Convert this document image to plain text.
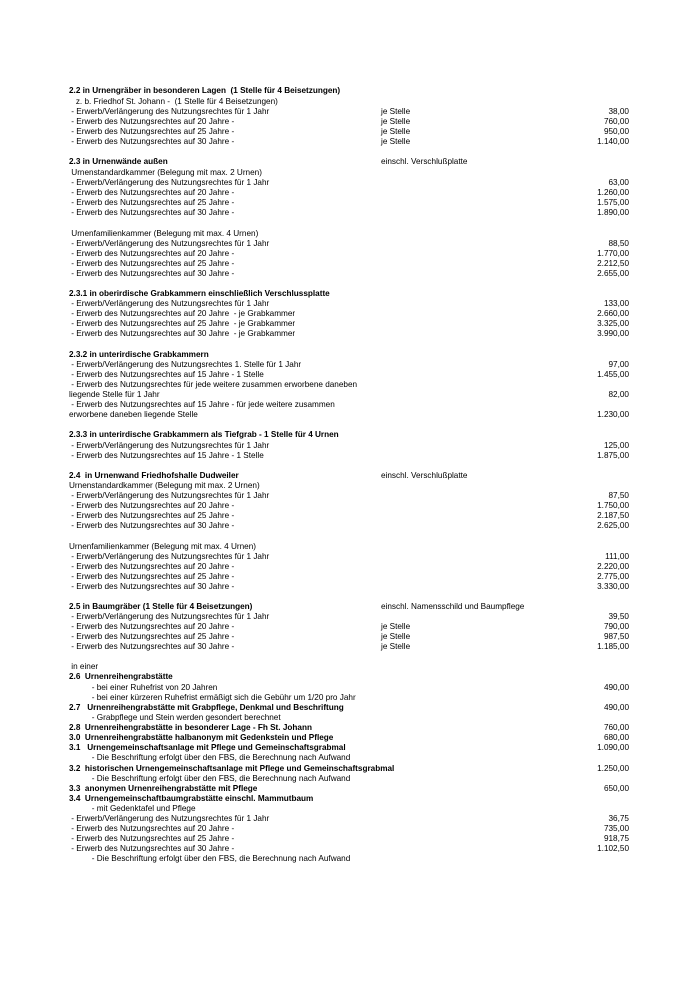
2.2 in Urnengräber in besonderen Lagen  (1 Stelle für 4 Beisetzungen)
z. b. Friedhof St. Johann -  (1 Stelle für 4 Beisetzungen)
- Erwerb/Verlängerung des Nutzungsrechtes für 1 Jahr	je Stelle	38,00
- Erwerb des Nutzungsrechtes auf 20 Jahre -	je Stelle	760,00
- Erwerb des Nutzungsrechtes auf 25 Jahre -	je Stelle	950,00
- Erwerb des Nutzungsrechtes auf 30 Jahre -	je Stelle	1.140,00
2.3 in Urnenwände außen	einschl. Verschlußplatte
Urnenstandardkammer (Belegung mit max. 2 Urnen)
- Erwerb/Verlängerung des Nutzungsrechtes für 1 Jahr	63,00
- Erwerb des Nutzungsrechtes auf 20 Jahre -	1.260,00
- Erwerb des Nutzungsrechtes auf 25 Jahre -	1.575,00
- Erwerb des Nutzungsrechtes auf 30 Jahre -	1.890,00
Urnenfamilienkammer (Belegung mit max. 4 Urnen)
- Erwerb/Verlängerung des Nutzungsrechtes für 1 Jahr	88,50
- Erwerb des Nutzungsrechtes auf 20 Jahre -	1.770,00
- Erwerb des Nutzungsrechtes auf 25 Jahre -	2.212,50
- Erwerb des Nutzungsrechtes auf 30 Jahre -	2.655,00
2.3.1 in oberirdische Grabkammern einschließlich Verschlussplatte
- Erwerb/Verlängerung des Nutzungsrechtes für 1 Jahr	133,00
- Erwerb des Nutzungsrechtes auf 20 Jahre  - je Grabkammer	2.660,00
- Erwerb des Nutzungsrechtes auf 25 Jahre  - je Grabkammer	3.325,00
- Erwerb des Nutzungsrechtes auf 30 Jahre  - je Grabkammer	3.990,00
2.3.2 in unterirdische Grabkammern
- Erwerb/Verlängerung des Nutzungsrechtes 1. Stelle für 1 Jahr	97,00
- Erwerb des Nutzungsrechtes auf 15 Jahre - 1 Stelle	1.455,00
- Erwerb des Nutzungsrechtes für jede weitere zusammen erworbene daneben
liegende Stelle für 1 Jahr	82,00
- Erwerb des Nutzungsrechtes auf 15 Jahre - für jede weitere zusammen
erworbene daneben liegende Stelle	1.230,00
2.3.3 in unterirdische Grabkammern als Tiefgrab - 1 Stelle für 4 Urnen
- Erwerb/Verlängerung des Nutzungsrechtes für 1 Jahr	125,00
- Erwerb des Nutzungsrechtes auf 15 Jahre - 1 Stelle	1.875,00
2.4  in Urnenwand Friedhofshalle Dudweiler	einschl. Verschlußplatte
Urnenstandardkammer (Belegung mit max. 2 Urnen)
- Erwerb/Verlängerung des Nutzungsrechtes für 1 Jahr	87,50
- Erwerb des Nutzungsrechtes auf 20 Jahre -	1.750,00
- Erwerb des Nutzungsrechtes auf 25 Jahre -	2.187,50
- Erwerb des Nutzungsrechtes auf 30 Jahre -	2.625,00
Urnenfamilienkammer (Belegung mit max. 4 Urnen)
- Erwerb/Verlängerung des Nutzungsrechtes für 1 Jahr	111,00
- Erwerb des Nutzungsrechtes auf 20 Jahre -	2.220,00
- Erwerb des Nutzungsrechtes auf 25 Jahre -	2.775,00
- Erwerb des Nutzungsrechtes auf 30 Jahre -	3.330,00
2.5 in Baumgräber (1 Stelle für 4 Beisetzungen)	einschl. Namensschild und Baumpflege
- Erwerb/Verlängerung des Nutzungsrechtes für 1 Jahr	39,50
- Erwerb des Nutzungsrechtes auf 20 Jahre -	je Stelle	790,00
- Erwerb des Nutzungsrechtes auf 25 Jahre -	je Stelle	987,50
- Erwerb des Nutzungsrechtes auf 30 Jahre -	je Stelle	1.185,00
in einer
2.6  Urnenreihengrabstätte
- bei einer Ruhefrist von 20 Jahren	490,00
- bei einer kürzeren Ruhefrist ermäßigt sich die Gebühr um 1/20 pro Jahr
2.7   Urnenreihengrabstätte mit Grabpflege, Denkmal und Beschriftung	490,00
- Grabpflege und Stein werden gesondert berechnet
2.8  Urnenreihengrabstätte in besonderer Lage - Fh St. Johann	760,00
3.0  Urnenreihengrabstätte halbanonym mit Gedenkstein und Pflege	680,00
3.1   Urnengemeinschaftsanlage mit Pflege und Gemeinschaftsgrabmal	1.090,00
- Die Beschriftung erfolgt über den FBS, die Berechnung nach Aufwand
3.2  historischen Urnengemeinschaftsanlage mit Pflege und Gemeinschaftsgrabmal	1.250,00
- Die Beschriftung erfolgt über den FBS, die Berechnung nach Aufwand
3.3  anonymen Urnenreihengrabstätte mit Pflege	650,00
3.4  Urnengemeinschaftbaumgrabstätte einschl. Mammutbaum
- mit Gedenktafel und Pflege
- Erwerb/Verlängerung des Nutzungsrechtes für 1 Jahr	36,75
- Erwerb des Nutzungsrechtes auf 20 Jahre -	735,00
- Erwerb des Nutzungsrechtes auf 25 Jahre -	918,75
- Erwerb des Nutzungsrechtes auf 30 Jahre -	1.102,50
- Die Beschriftung erfolgt über den FBS, die Berechnung nach Aufwand
